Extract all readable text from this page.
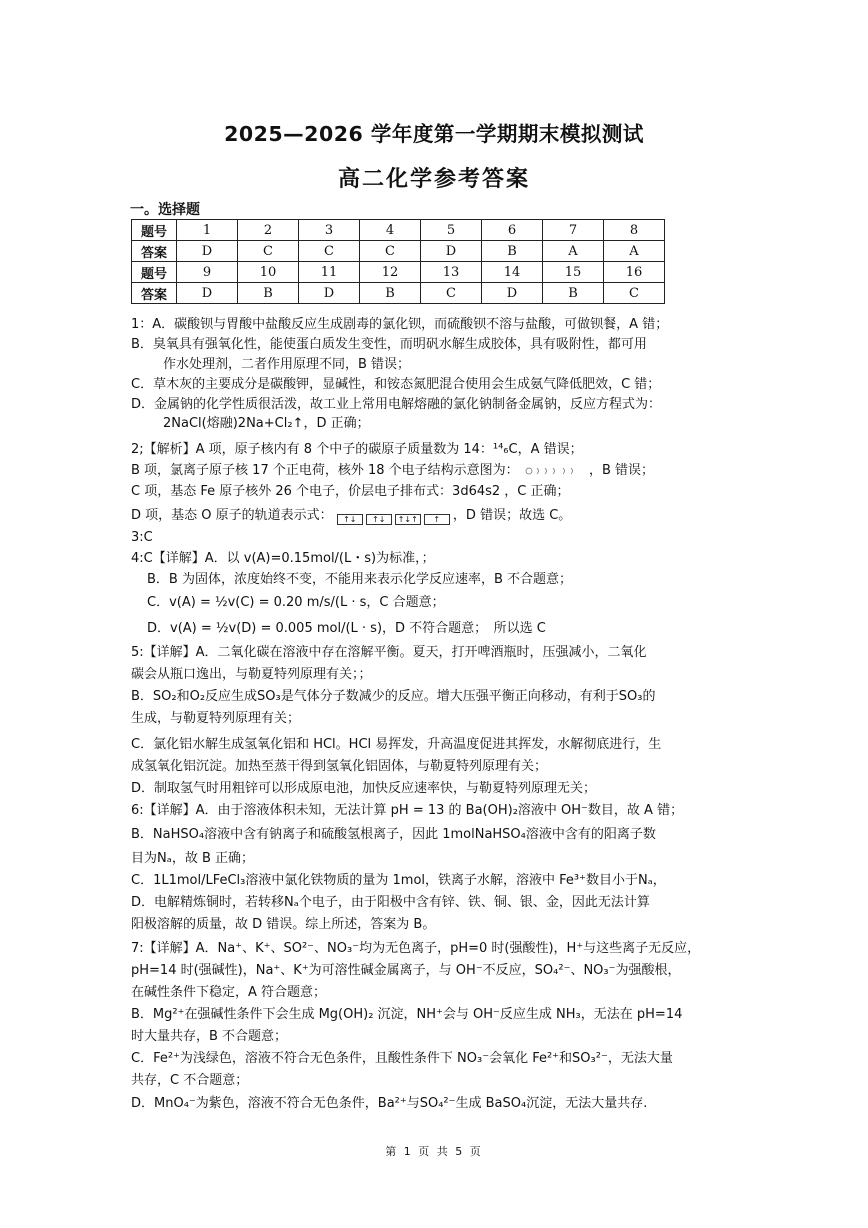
2025—2026 学年度第一学期期末模拟测试
高二化学参考答案
一。选择题
题号	1	2	3	4	5	6	7	8
答案	D	C	C	C	D	B	A	A
题号	9	10	11	12	13	14	15	16
答案	D	B	D	B	C	D	B	C
1：A．碳酸钡与胃酸中盐酸反应生成剧毒的氯化钡，而硫酸钡不溶与盐酸，可做钡餐，A 错；
B．臭氧具有强氧化性，能使蛋白质发生变性，而明矾水解生成胶体，具有吸附性，都可用
作水处理剂，二者作用原理不同，B 错误；
C．草木灰的主要成分是碳酸钾，显碱性，和铵态氮肥混合使用会生成氨气降低肥效，C 错；
D．金属钠的化学性质很活泼，故工业上常用电解熔融的氯化钠制备金属钠，反应方程式为：
2NaCl(熔融)2Na+Cl₂↑，D 正确；
2;【解析】A 项，原子核内有 8 个中子的碳原子质量数为 14：¹⁴₆C，A 错误；
B 项，氯离子原子核 17 个正电荷，核外 18 个电子结构示意图为：	，B 错误；
C 项，基态 Fe 原子核外 26 个电子，价层电子排布式：3d64s2 ，C 正确；
D 项，基态 O 原子的轨道表示式： ↑↓ ↑↓ ↑↓↑ ↑ ，D 错误；故选 C。
3:C
4:C【详解】A．以 v(A)=0.15mol/(L・s)为标准，；
B．B 为固体，浓度始终不变，不能用来表示化学反应速率，B 不合题意；
C．v(A) = ½v(C) = 0.20 m/s/(L · s，C 合题意；
D．v(A) = ½v(D) = 0.005 mol/(L · s)，D 不符合题意；　所以选 C
5:【详解】A．二氧化碳在溶液中存在溶解平衡。夏天，打开啤酒瓶时，压强减小，二氧化
碳会从瓶口逸出，与勒夏特列原理有关；；
B．SO₂和O₂反应生成SO₃是气体分子数减少的反应。增大压强平衡正向移动，有利于SO₃的
生成，与勒夏特列原理有关；
C．氯化铝水解生成氢氧化铝和 HCl。HCl 易挥发，升高温度促进其挥发，水解彻底进行，生
成氢氧化铝沉淀。加热至蒸干得到氢氧化铝固体，与勒夏特列原理有关；
D．制取氢气时用粗锌可以形成原电池，加快反应速率快，与勒夏特列原理无关；
6:【详解】A．由于溶液体积未知，无法计算 pH = 13 的 Ba(OH)₂溶液中 OH⁻数目，故 A 错；
B．NaHSO₄溶液中含有钠离子和硫酸氢根离子，因此 1molNaHSO₄溶液中含有的阳离子数
目为Nₐ，故 B 正确；
C．1L1mol/LFeCl₃溶液中氯化铁物质的量为 1mol，铁离子水解，溶液中 Fe³⁺数目小于Nₐ，
D．电解精炼铜时，若转移Nₐ个电子，由于阳极中含有锌、铁、铜、银、金，因此无法计算
阳极溶解的质量，故 D 错误。综上所述，答案为 B。
7:【详解】A．Na⁺、K⁺、SO²⁻、NO₃⁻均为无色离子，pH=0 时(强酸性)，H⁺与这些离子无反应，
pH=14 时(强碱性)，Na⁺、K⁺为可溶性碱金属离子，与 OH⁻不反应，SO₄²⁻、NO₃⁻为强酸根，
在碱性条件下稳定，A 符合题意；
B．Mg²⁺在强碱性条件下会生成 Mg(OH)₂ 沉淀，NH⁺会与 OH⁻反应生成 NH₃，无法在 pH=14
时大量共存，B 不合题意；
C．Fe²⁺为浅绿色，溶液不符合无色条件，且酸性条件下 NO₃⁻会氧化 Fe²⁺和SO₃²⁻，无法大量
共存，C 不合题意；
D．MnO₄⁻为紫色，溶液不符合无色条件，Ba²⁺与SO₄²⁻生成 BaSO₄沉淀，无法大量共存.
第 1 页 共 5 页
